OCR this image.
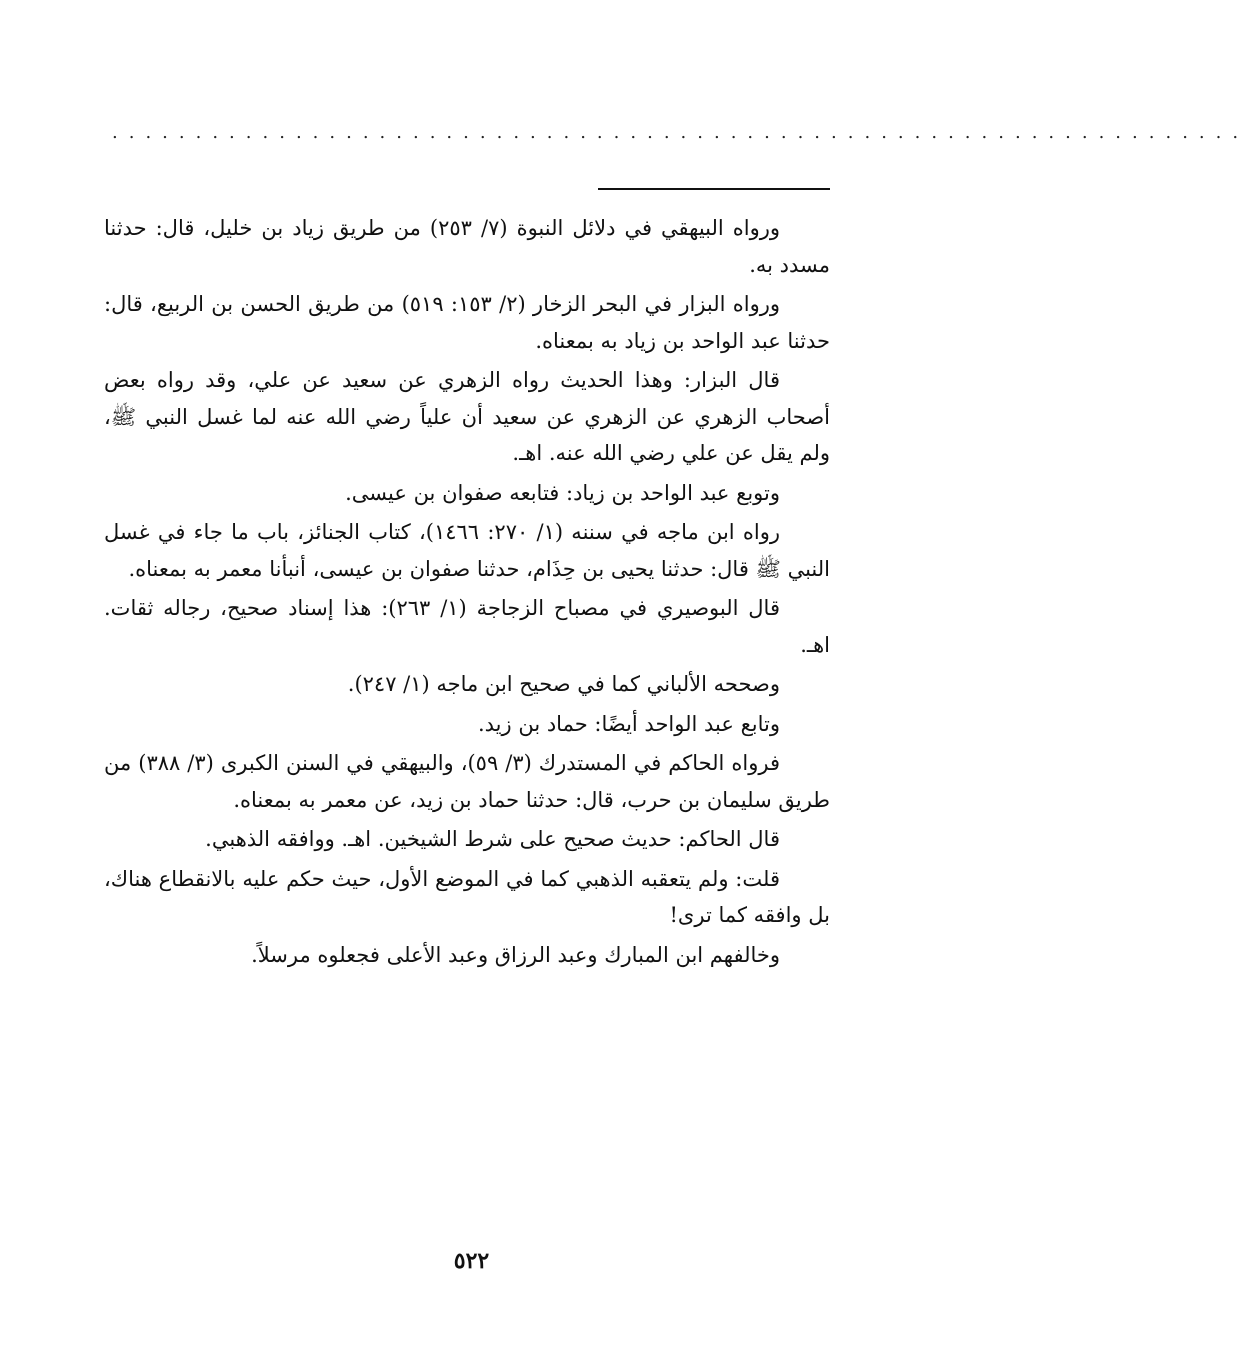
....................................................................

ورواه البيهقي في دلائل النبوة (٧/ ٢٥٣) من طريق زياد بن خليل، قال: حدثنا مسدد به.

ورواه البزار في البحر الزخار (٢/ ١٥٣: ٥١٩) من طريق الحسن بن الربيع، قال: حدثنا عبد الواحد بن زياد به بمعناه.

قال البزار: وهذا الحديث رواه الزهري عن سعيد عن علي، وقد رواه بعض أصحاب الزهري عن الزهري عن سعيد أن علياً رضي الله عنه لما غسل النبي ﷺ، ولم يقل عن علي رضي الله عنه. اهـ.

وتوبع عبد الواحد بن زياد: فتابعه صفوان بن عيسى.

رواه ابن ماجه في سننه (١/ ٢٧٠: ١٤٦٦)، كتاب الجنائز، باب ما جاء في غسل النبي ﷺ قال: حدثنا يحيى بن حِذَام، حدثنا صفوان بن عيسى، أنبأنا معمر به بمعناه.

قال البوصيري في مصباح الزجاجة (١/ ٢٦٣): هذا إسناد صحيح، رجاله ثقات. اهـ.

وصححه الألباني كما في صحيح ابن ماجه (١/ ٢٤٧).

وتابع عبد الواحد أيضًا: حماد بن زيد.

فرواه الحاكم في المستدرك (٣/ ٥٩)، والبيهقي في السنن الكبرى (٣/ ٣٨٨) من طريق سليمان بن حرب، قال: حدثنا حماد بن زيد، عن معمر به بمعناه.

قال الحاكم: حديث صحيح على شرط الشيخين. اهـ. ووافقه الذهبي.

قلت: ولم يتعقبه الذهبي كما في الموضع الأول، حيث حكم عليه بالانقطاع هناك، بل وافقه كما ترى!

وخالفهم ابن المبارك وعبد الرزاق وعبد الأعلى فجعلوه مرسلاً.

٥٢٢
